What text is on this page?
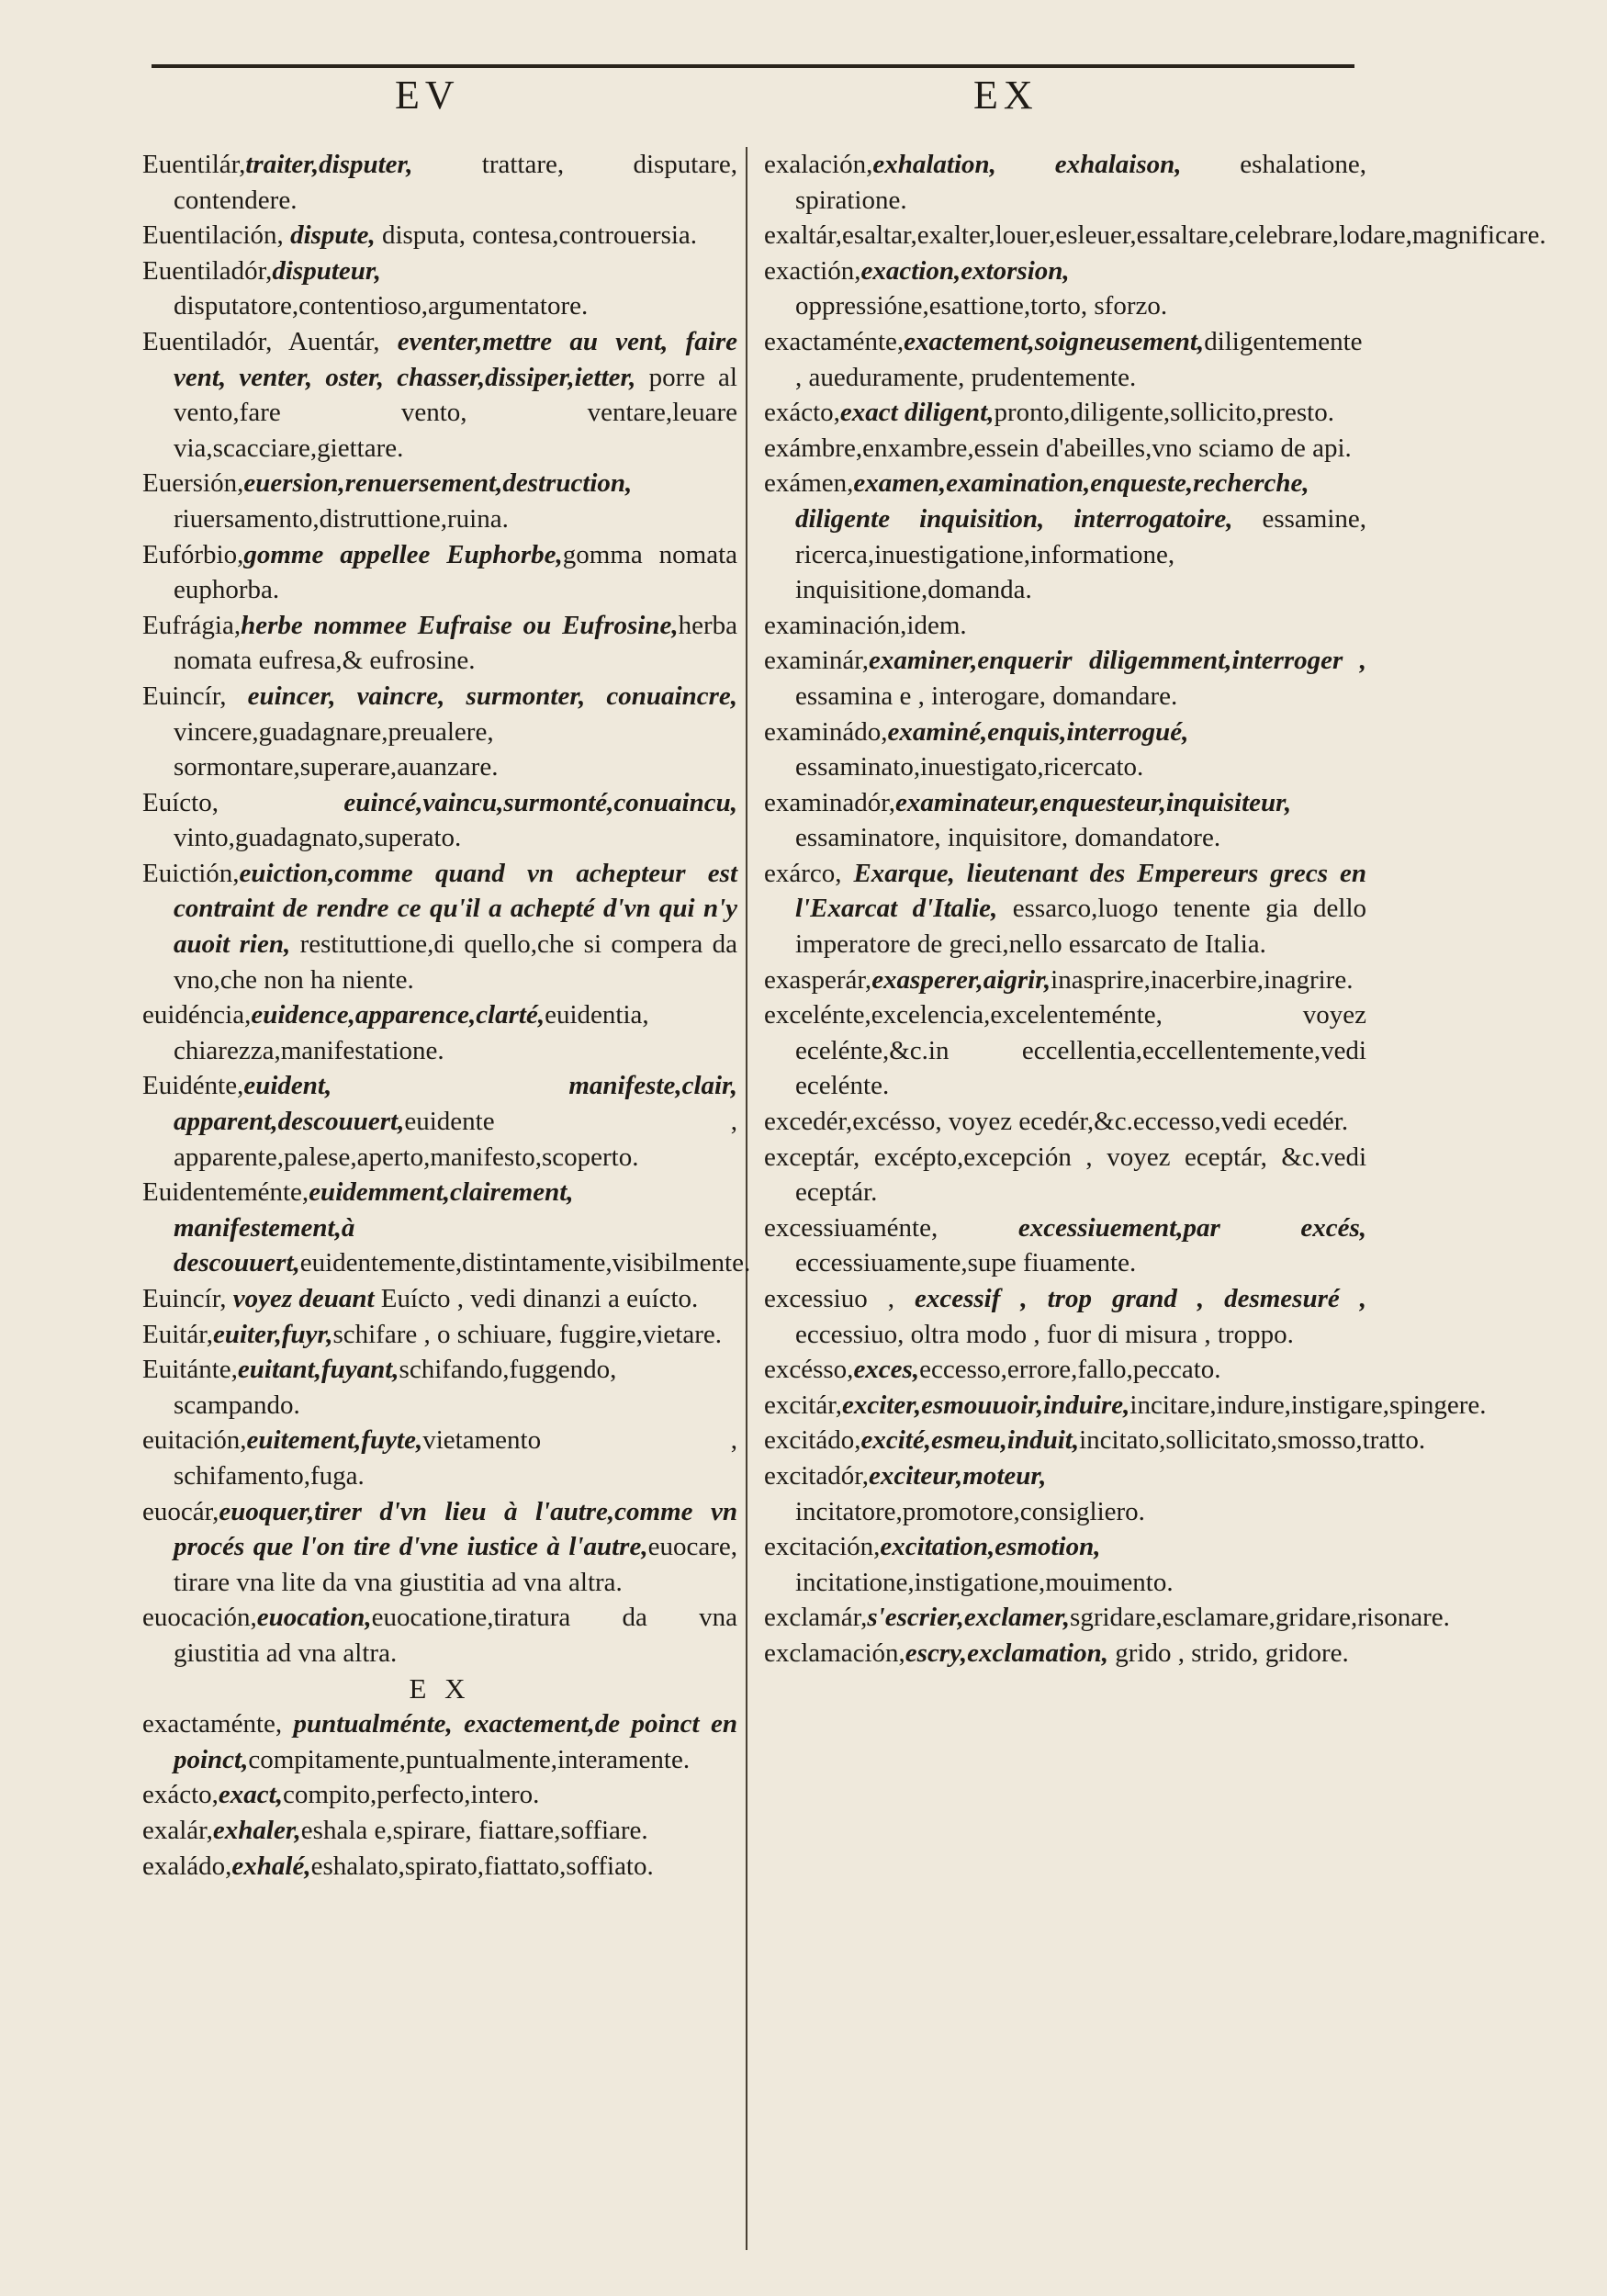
EV	EX

Euentilár,traiter,disputer, trattare, disputare, contendere.

Euentilación, dispute, disputa, contesa,controuersia.

Euentiladór,disputeur, disputatore,contentioso,argumentatore.

Euentiladór, Auentár, eventer,mettre au vent, faire vent, venter, oster, chasser,dissiper,ietter, porre al vento,fare vento, ventare,leuare via,scacciare,giettare.

Euersión,euersion,renuersement,destruction, riuersamento,distruttione,ruina.

Eufórbio,gomme appellee Euphorbe,gomma nomata euphorba.

Eufrágia,herbe nommee Eufraise ou Eufrosine,herba nomata eufresa,& eufrosine.

Euincír, euincer, vaincre, surmonter, conuaincre, vincere,guadagnare,preualere, sormontare,superare,auanzare.

Euícto, euincé,vaincu,surmonté,conuaincu, vinto,guadagnato,superato.

Euictión,euiction,comme quand vn achepteur est contraint de rendre ce qu'il a achepté d'vn qui n'y auoit rien, restituttione,di quello,che si compera da vno,che non ha niente.

euidéncia,euidence,apparence,clarté,euidentia, chiarezza,manifestatione.

Euidénte,euident, manifeste,clair, apparent,descouuert,euidente , apparente,palese,aperto,manifesto,scoperto.

Euidenteménte,euidemment,clairement, manifestement,à descouuert,euidentemente,distintamente,visibilmente.

Euincír, voyez deuant Euícto , vedi dinanzi a euícto.

Euitár,euiter,fuyr,schifare , o schiuare, fuggire,vietare.

Euitánte,euitant,fuyant,schifando,fuggendo, scampando.

euitación,euitement,fuyte,vietamento , schifamento,fuga.

euocár,euoquer,tirer d'vn lieu à l'autre,comme vn procés que l'on tire d'vne iustice à l'autre,euocare, tirare vna lite da vna giustitia ad vna altra.

euocación,euocation,euocatione,tiratura da vna giustitia ad vna altra.

E X

exactaménte, puntualménte, exactement,de poinct en poinct,compitamente,puntualmente,interamente.

exácto,exact,compito,perfecto,intero.

exalár,exhaler,eshala e,spirare, fiattare,soffiare.

exaládo,exhalé,eshalato,spirato,fiattato,soffiato.

exalación,exhalation, exhalaison, eshalatione, spiratione.

exaltár,esaltar,exalter,louer,esleuer,essaltare,celebrare,lodare,magnificare.

exactión,exaction,extorsion, oppressióne,esattione,torto, sforzo.

exactaménte,exactement,soigneusement,diligentemente , aueduramente, prudentemente.

exácto,exact diligent,pronto,diligente,sollicito,presto.

exámbre,enxambre,essein d'abeilles,vno sciamo de api.

exámen,examen,examination,enqueste,recherche, diligente inquisition, interrogatoire, essamine, ricerca,inuestigatione,informatione, inquisitione,domanda.

examinación,idem.

examinár,examiner,enquerir diligemment,interroger , essamina e , interogare, domandare.

examinádo,examiné,enquis,interrogué, essaminato,inuestigato,ricercato.

examinadór,examinateur,enquesteur,inquisiteur, essaminatore, inquisitore, domandatore.

exárco, Exarque, lieutenant des Empereurs grecs en l'Exarcat d'Italie, essarco,luogo tenente gia dello imperatore de greci,nello essarcato de Italia.

exasperár,exasperer,aigrir,inasprire,inacerbire,inagrire.

excelénte,excelencia,excelenteménte, voyez ecelénte,&c.in eccellentia,eccellentemente,vedi ecelénte.

excedér,excésso, voyez ecedér,&c.eccesso,vedi ecedér.

exceptár, excépto,excepción , voyez eceptár, &c.vedi eceptár.

excessiuaménte, excessiuement,par excés, eccessiuamente,supe fiuamente.

excessiuo , excessif , trop grand , desmesuré , eccessiuo, oltra modo , fuor di misura , troppo.

excésso,exces,eccesso,errore,fallo,peccato.

excitár,exciter,esmouuoir,induire,incitare,indure,instigare,spingere.

excitádo,excité,esmeu,induit,incitato,sollicitato,smosso,tratto.

excitadór,exciteur,moteur, incitatore,promotore,consigliero.

excitación,excitation,esmotion, incitatione,instigatione,mouimento.

exclamár,s'escrier,exclamer,sgridare,esclamare,gridare,risonare.

exclamación,escry,exclamation, grido , strido, gridore.
